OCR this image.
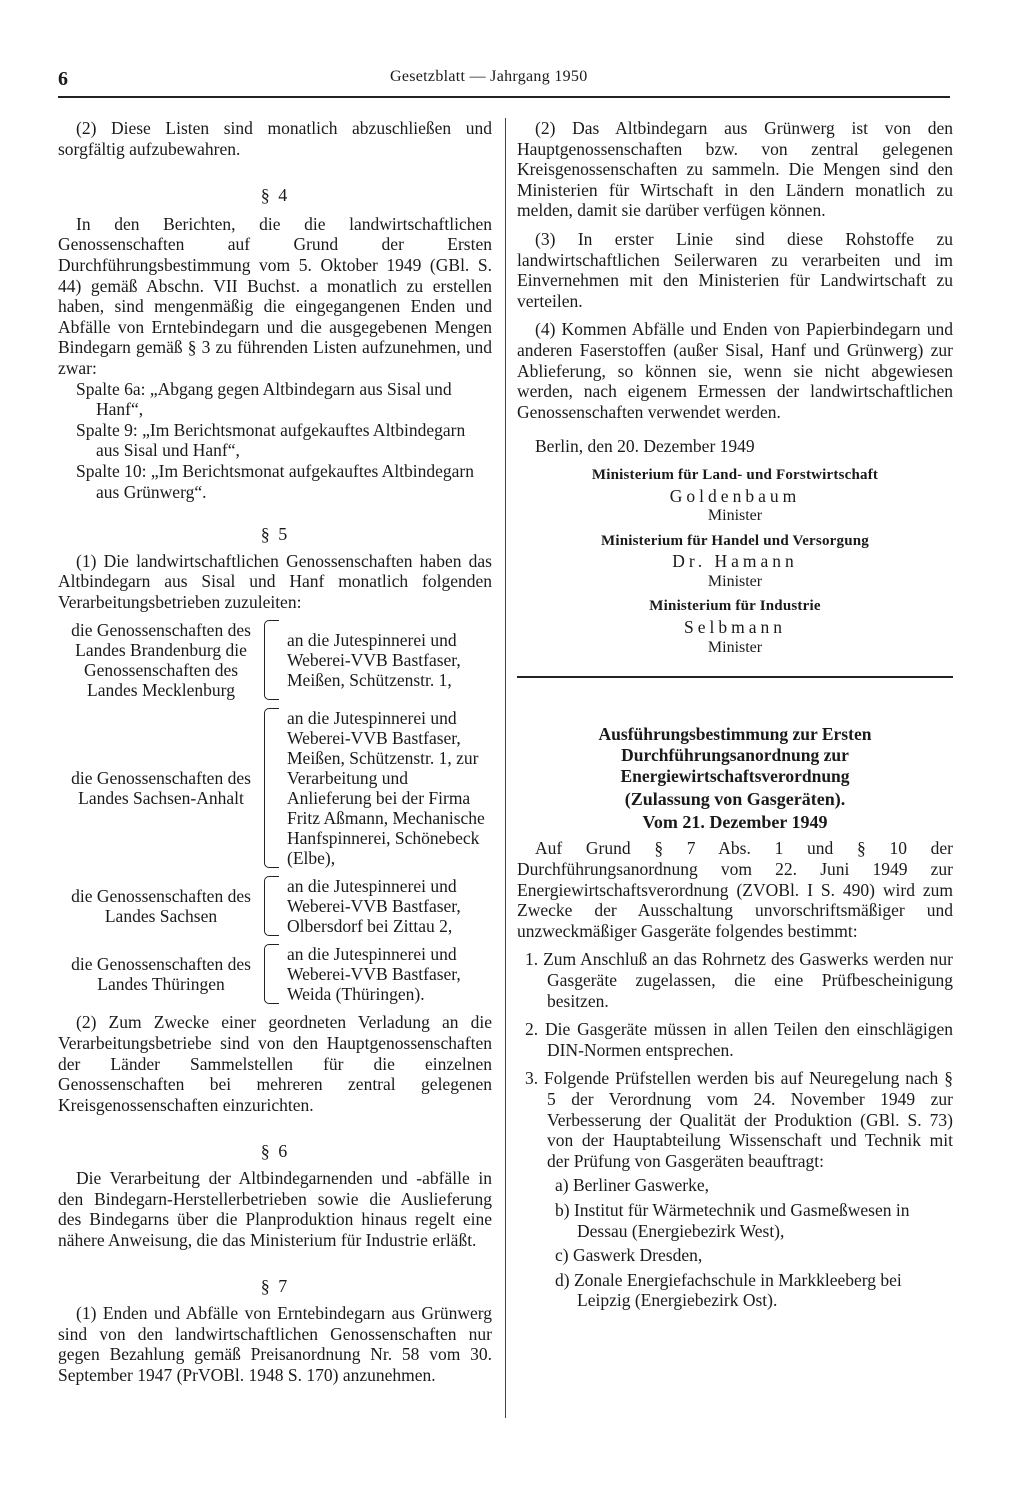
6	Gesetzblatt — Jahrgang 1950

(2) Diese Listen sind monatlich abzuschließen und sorgfältig aufzubewahren.

§ 4

In den Berichten, die die landwirtschaftlichen Genossenschaften auf Grund der Ersten Durchführungsbestimmung vom 5. Oktober 1949 (GBl. S. 44) gemäß Abschn. VII Buchst. a monatlich zu erstellen haben, sind mengenmäßig die eingegangenen Enden und Abfälle von Erntebindegarn und die ausgegebenen Mengen Bindegarn gemäß § 3 zu führenden Listen aufzunehmen, und zwar:

Spalte 6a: „Abgang gegen Altbindegarn aus Sisal und Hanf“,

Spalte 9: „Im Berichtsmonat aufgekauftes Altbindegarn aus Sisal und Hanf“,

Spalte 10: „Im Berichtsmonat aufgekauftes Altbindegarn aus Grünwerg“.

§ 5

(1) Die landwirtschaftlichen Genossenschaften haben das Altbindegarn aus Sisal und Hanf monatlich folgenden Verarbeitungsbetrieben zuzuleiten:

die Genossenschaften des Landes Brandenburg die Genossenschaften des Landes Mecklenburg
an die Jutespinnerei und Weberei-VVB Bastfaser, Meißen, Schützenstr. 1,
die Genossenschaften des Landes Sachsen-Anhalt
an die Jutespinnerei und Weberei-VVB Bastfaser, Meißen, Schützenstr. 1, zur Verarbeitung und Anlieferung bei der Firma Fritz Aßmann, Mechanische Hanfspinnerei, Schönebeck (Elbe),
die Genossenschaften des Landes Sachsen
an die Jutespinnerei und Weberei-VVB Bastfaser, Olbersdorf bei Zittau 2,
die Genossenschaften des Landes Thüringen
an die Jutespinnerei und Weberei-VVB Bastfaser, Weida (Thüringen).

(2) Zum Zwecke einer geordneten Verladung an die Verarbeitungsbetriebe sind von den Hauptgenossenschaften der Länder Sammelstellen für die einzelnen Genossenschaften bei mehreren zentral gelegenen Kreisgenossenschaften einzurichten.

§ 6

Die Verarbeitung der Altbindegarnenden und -abfälle in den Bindegarn-Herstellerbetrieben sowie die Auslieferung des Bindegarns über die Planproduktion hinaus regelt eine nähere Anweisung, die das Ministerium für Industrie erläßt.

§ 7

(1) Enden und Abfälle von Erntebindegarn aus Grünwerg sind von den landwirtschaftlichen Genossenschaften nur gegen Bezahlung gemäß Preisanordnung Nr. 58 vom 30. September 1947 (PrVOBl. 1948 S. 170) anzunehmen.

(2) Das Altbindegarn aus Grünwerg ist von den Hauptgenossenschaften bzw. von zentral gelegenen Kreisgenossenschaften zu sammeln. Die Mengen sind den Ministerien für Wirtschaft in den Ländern monatlich zu melden, damit sie darüber verfügen können.

(3) In erster Linie sind diese Rohstoffe zu landwirtschaftlichen Seilerwaren zu verarbeiten und im Einvernehmen mit den Ministerien für Landwirtschaft zu verteilen.

(4) Kommen Abfälle und Enden von Papierbindegarn und anderen Faserstoffen (außer Sisal, Hanf und Grünwerg) zur Ablieferung, so können sie, wenn sie nicht abgewiesen werden, nach eigenem Ermessen der landwirtschaftlichen Genossenschaften verwendet werden.

Berlin, den 20. Dezember 1949

Ministerium für Land- und Forstwirtschaft
Goldenbaum
Minister
Ministerium für Handel und Versorgung
Dr. Hamann
Minister
Ministerium für Industrie
Selbmann
Minister

Ausführungsbestimmung zur Ersten Durchführungsanordnung zur Energiewirtschaftsverordnung

(Zulassung von Gasgeräten).

Vom 21. Dezember 1949

Auf Grund § 7 Abs. 1 und § 10 der Durchführungsanordnung vom 22. Juni 1949 zur Energiewirtschaftsverordnung (ZVOBl. I S. 490) wird zum Zwecke der Ausschaltung unvorschriftsmäßiger und unzweckmäßiger Gasgeräte folgendes bestimmt:

1. Zum Anschluß an das Rohrnetz des Gaswerks werden nur Gasgeräte zugelassen, die eine Prüfbescheinigung besitzen.

2. Die Gasgeräte müssen in allen Teilen den einschlägigen DIN-Normen entsprechen.

3. Folgende Prüfstellen werden bis auf Neuregelung nach § 5 der Verordnung vom 24. November 1949 zur Verbesserung der Qualität der Produktion (GBl. S. 73) von der Hauptabteilung Wissenschaft und Technik mit der Prüfung von Gasgeräten beauftragt:

a) Berliner Gaswerke,

b) Institut für Wärmetechnik und Gasmeßwesen in Dessau (Energiebezirk West),

c) Gaswerk Dresden,

d) Zonale Energiefachschule in Markkleeberg bei Leipzig (Energiebezirk Ost).
